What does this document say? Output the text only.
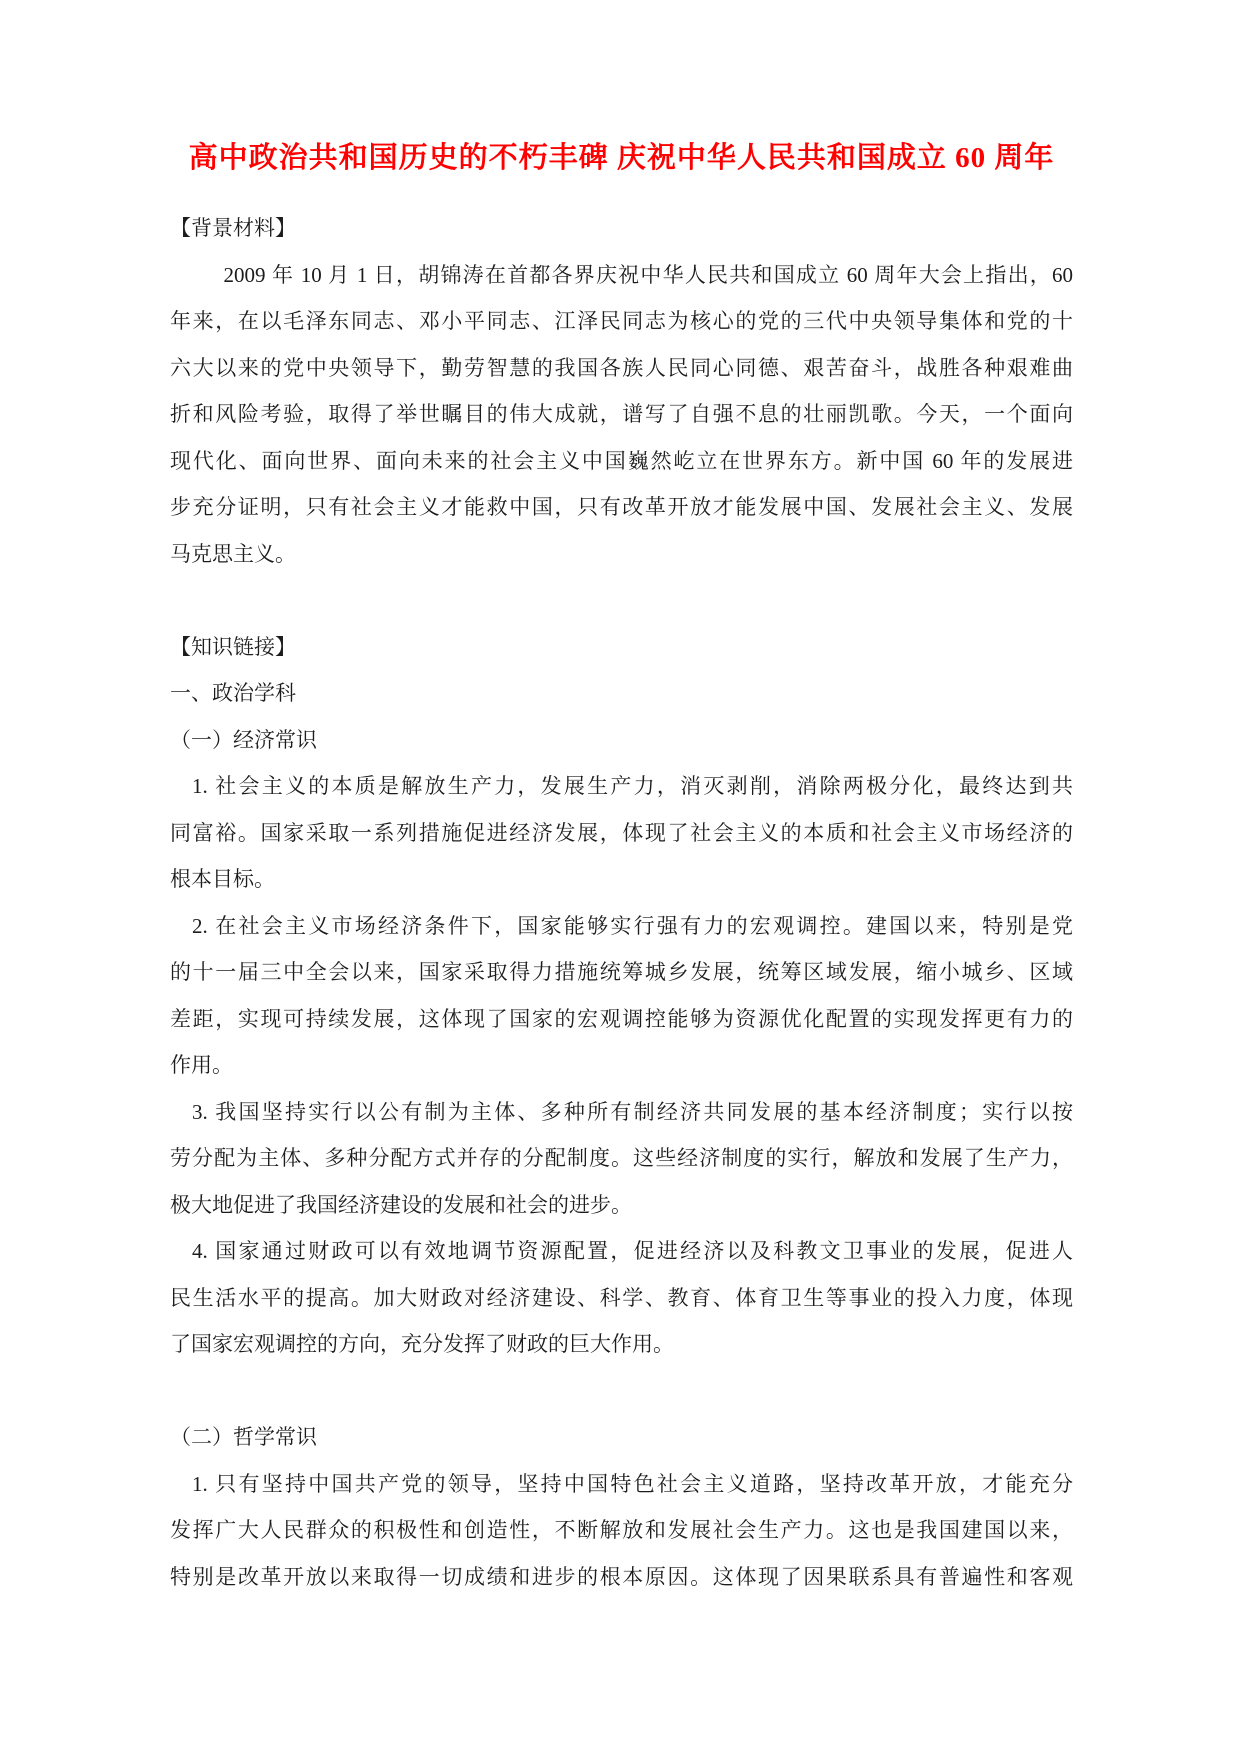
高中政治共和国历史的不朽丰碑 庆祝中华人民共和国成立 60 周年
【背景材料】
2009 年 10 月 1 日，胡锦涛在首都各界庆祝中华人民共和国成立 60 周年大会上指出，60
年来，在以毛泽东同志、邓小平同志、江泽民同志为核心的党的三代中央领导集体和党的十
六大以来的党中央领导下，勤劳智慧的我国各族人民同心同德、艰苦奋斗，战胜各种艰难曲
折和风险考验，取得了举世瞩目的伟大成就，谱写了自强不息的壮丽凯歌。今天，一个面向
现代化、面向世界、面向未来的社会主义中国巍然屹立在世界东方。新中国 60 年的发展进
步充分证明，只有社会主义才能救中国，只有改革开放才能发展中国、发展社会主义、发展
马克思主义。
【知识链接】
一、政治学科
（一）经济常识
1. 社会主义的本质是解放生产力，发展生产力，消灭剥削，消除两极分化，最终达到共
同富裕。国家采取一系列措施促进经济发展，体现了社会主义的本质和社会主义市场经济的
根本目标。
2. 在社会主义市场经济条件下，国家能够实行强有力的宏观调控。建国以来，特别是党
的十一届三中全会以来，国家采取得力措施统筹城乡发展，统筹区域发展，缩小城乡、区域
差距，实现可持续发展，这体现了国家的宏观调控能够为资源优化配置的实现发挥更有力的
作用。
3. 我国坚持实行以公有制为主体、多种所有制经济共同发展的基本经济制度；实行以按
劳分配为主体、多种分配方式并存的分配制度。这些经济制度的实行，解放和发展了生产力，
极大地促进了我国经济建设的发展和社会的进步。
4. 国家通过财政可以有效地调节资源配置，促进经济以及科教文卫事业的发展，促进人
民生活水平的提高。加大财政对经济建设、科学、教育、体育卫生等事业的投入力度，体现
了国家宏观调控的方向，充分发挥了财政的巨大作用。
（二）哲学常识
1. 只有坚持中国共产党的领导，坚持中国特色社会主义道路，坚持改革开放，才能充分
发挥广大人民群众的积极性和创造性，不断解放和发展社会生产力。这也是我国建国以来，
特别是改革开放以来取得一切成绩和进步的根本原因。这体现了因果联系具有普遍性和客观
